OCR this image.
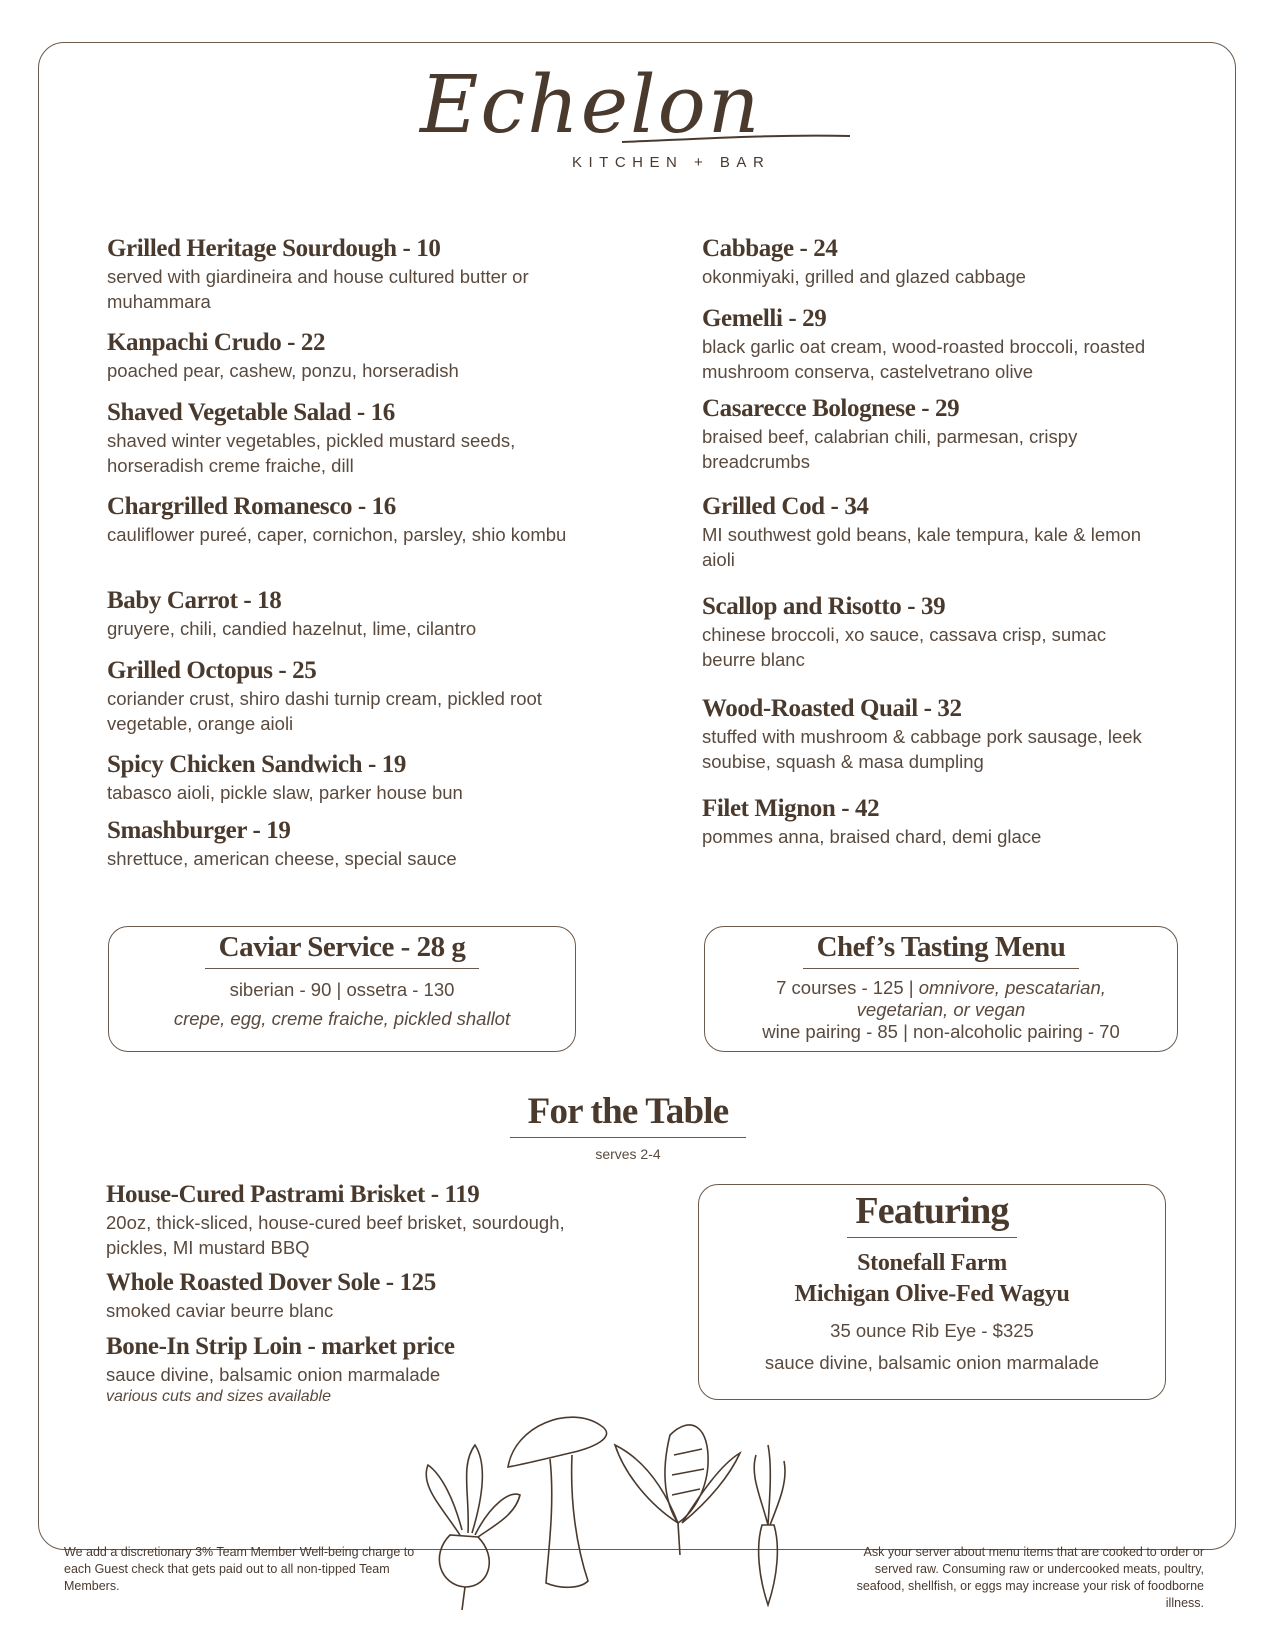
Echelon
KITCHEN + BAR
Grilled Heritage Sourdough - 10
served with giardineira and house cultured butter or muhammara
Kanpachi Crudo - 22
poached pear, cashew, ponzu, horseradish
Shaved Vegetable Salad - 16
shaved winter vegetables, pickled mustard seeds, horseradish creme fraiche, dill
Chargrilled Romanesco - 16
cauliflower pureé, caper, cornichon, parsley, shio kombu
Baby Carrot - 18
gruyere, chili, candied hazelnut, lime, cilantro
Grilled Octopus - 25
coriander crust, shiro dashi turnip cream, pickled root vegetable, orange aioli
Spicy Chicken Sandwich - 19
tabasco aioli, pickle slaw, parker house bun
Smashburger - 19
shrettuce, american cheese, special sauce
Cabbage - 24
okonmiyaki, grilled and glazed cabbage
Gemelli - 29
black garlic oat cream, wood-roasted broccoli, roasted mushroom conserva, castelvetrano olive
Casarecce Bolognese - 29
braised beef, calabrian chili, parmesan, crispy breadcrumbs
Grilled Cod - 34
MI southwest gold beans, kale tempura, kale & lemon aioli
Scallop and Risotto - 39
chinese broccoli, xo sauce, cassava crisp, sumac beurre blanc
Wood-Roasted Quail - 32
stuffed with mushroom & cabbage pork sausage, leek soubise, squash & masa dumpling
Filet Mignon - 42
pommes anna, braised chard, demi glace
Caviar Service - 28 g
siberian - 90 | ossetra - 130
crepe, egg, creme fraiche, pickled shallot
Chef’s Tasting Menu
7 courses - 125 | omnivore, pescatarian,
vegetarian, or vegan
wine pairing - 85 | non-alcoholic pairing - 70
For the Table
serves 2-4
House-Cured Pastrami Brisket - 119
20oz, thick-sliced, house-cured beef brisket, sourdough, pickles, MI mustard BBQ
Whole Roasted Dover Sole - 125
smoked caviar beurre blanc
Bone-In Strip Loin - market price
sauce divine, balsamic onion marmalade
various cuts and sizes available
Featuring
Stonefall Farm
Michigan Olive-Fed Wagyu
35 ounce Rib Eye - $325
sauce divine, balsamic onion marmalade
We add a discretionary 3% Team Member Well-being charge to each Guest check that gets paid out to all non-tipped Team Members.
Ask your server about menu items that are cooked to order or served raw. Consuming raw or undercooked meats, poultry, seafood, shellfish, or eggs may increase your risk of foodborne illness.
